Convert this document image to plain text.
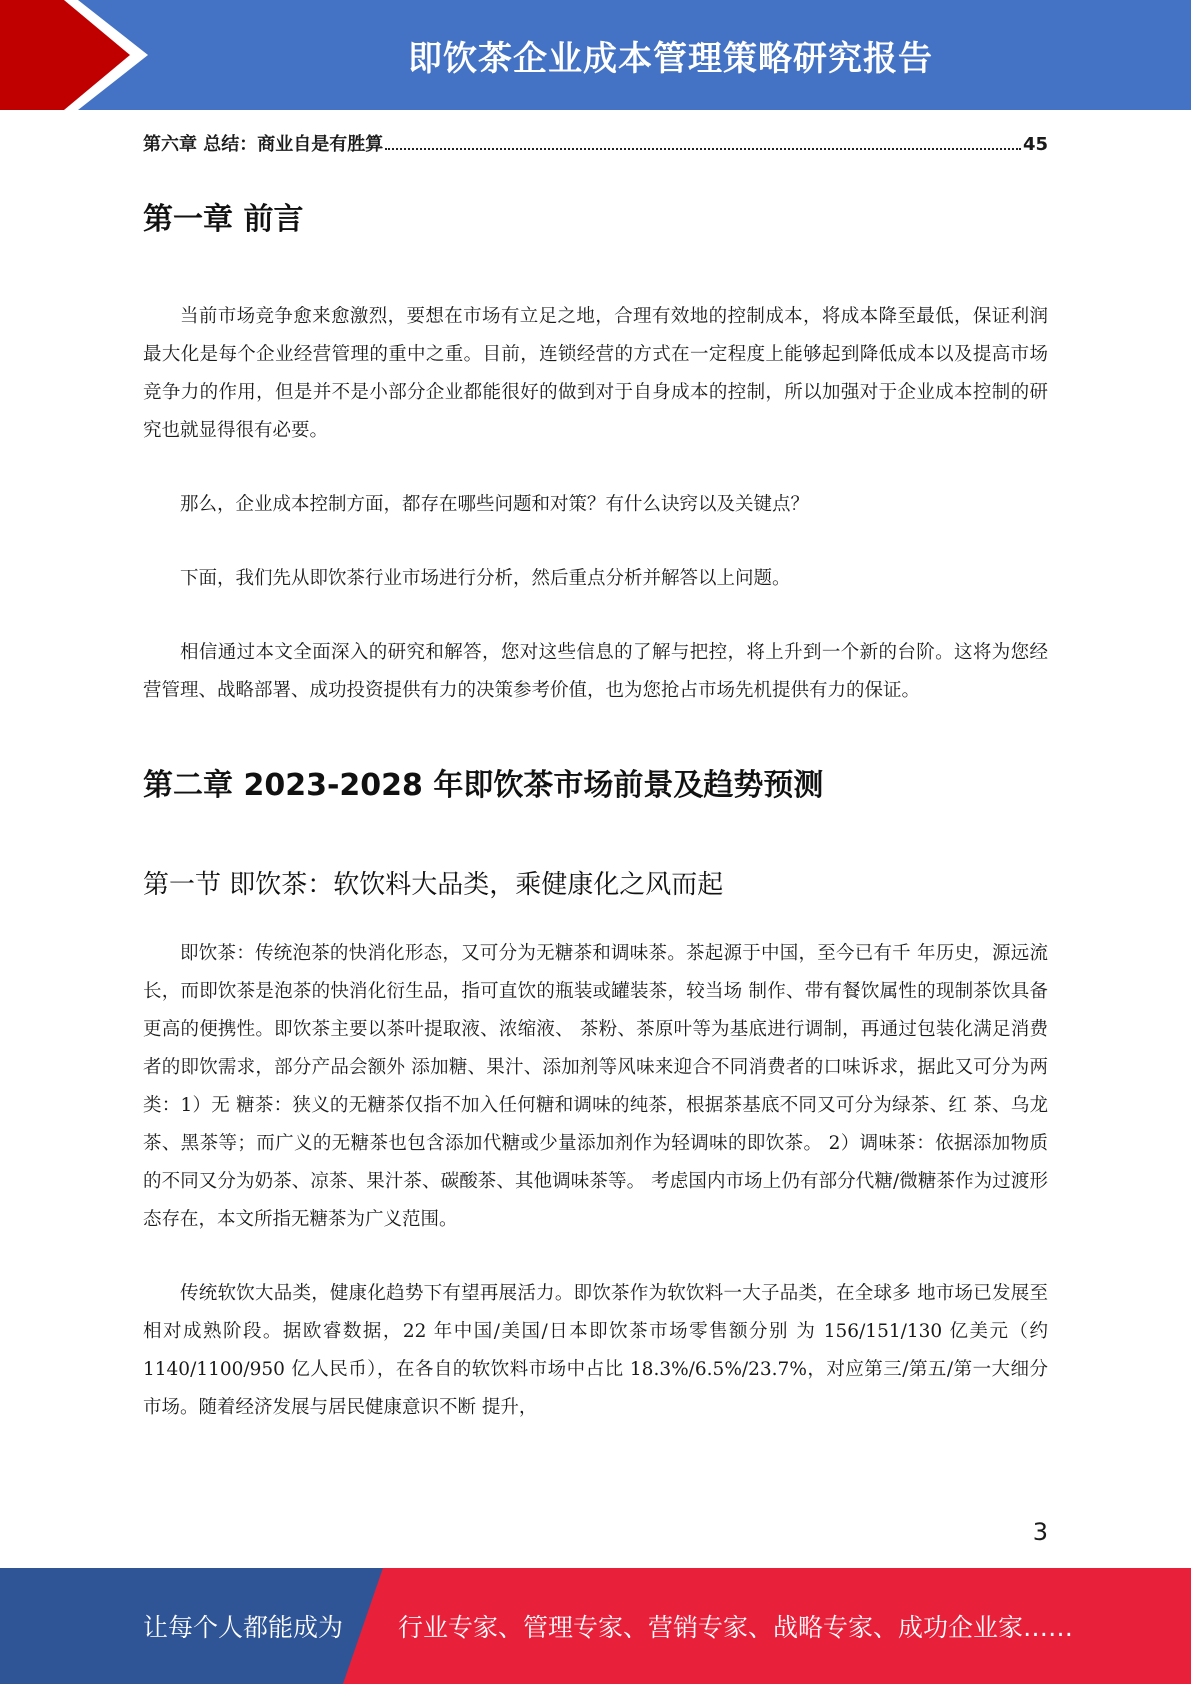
即饮茶企业成本管理策略研究报告
第六章 总结：商业自是有胜算	45
第一章 前言

当前市场竞争愈来愈激烈，要想在市场有立足之地，合理有效地的控制成本，将成本降至最低，保证利润最大化是每个企业经营管理的重中之重。目前，连锁经营的方式在一定程度上能够起到降低成本以及提高市场竞争力的作用，但是并不是小部分企业都能很好的做到对于自身成本的控制，所以加强对于企业成本控制的研究也就显得很有必要。

那么，企业成本控制方面，都存在哪些问题和对策？有什么诀窍以及关键点？

下面，我们先从即饮茶行业市场进行分析，然后重点分析并解答以上问题。

相信通过本文全面深入的研究和解答，您对这些信息的了解与把控，将上升到一个新的台阶。这将为您经营管理、战略部署、成功投资提供有力的决策参考价值，也为您抢占市场先机提供有力的保证。

第二章 2023-2028 年即饮茶市场前景及趋势预测
第一节 即饮茶：软饮料大品类，乘健康化之风而起

即饮茶：传统泡茶的快消化形态，又可分为无糖茶和调味茶。茶起源于中国，至今已有千 年历史，源远流长，而即饮茶是泡茶的快消化衍生品，指可直饮的瓶装或罐装茶，较当场 制作、带有餐饮属性的现制茶饮具备更高的便携性。即饮茶主要以茶叶提取液、浓缩液、 茶粉、茶原叶等为基底进行调制，再通过包装化满足消费者的即饮需求，部分产品会额外 添加糖、果汁、添加剂等风味来迎合不同消费者的口味诉求，据此又可分为两类：1）无 糖茶：狭义的无糖茶仅指不加入任何糖和调味的纯茶，根据茶基底不同又可分为绿茶、红 茶、乌龙茶、黑茶等；而广义的无糖茶也包含添加代糖或少量添加剂作为轻调味的即饮茶。 2）调味茶：依据添加物质的不同又分为奶茶、凉茶、果汁茶、碳酸茶、其他调味茶等。 考虑国内市场上仍有部分代糖/微糖茶作为过渡形态存在，本文所指无糖茶为广义范围。

传统软饮大品类，健康化趋势下有望再展活力。即饮茶作为软饮料一大子品类，在全球多 地市场已发展至相对成熟阶段。据欧睿数据，22 年中国/美国/日本即饮茶市场零售额分别 为 156/151/130 亿美元（约 1140/1100/950 亿人民币），在各自的软饮料市场中占比 18.3%/6.5%/23.7%，对应第三/第五/第一大细分市场。随着经济发展与居民健康意识不断 提升，

3
让每个人都能成为 行业专家、管理专家、营销专家、战略专家、成功企业家……
